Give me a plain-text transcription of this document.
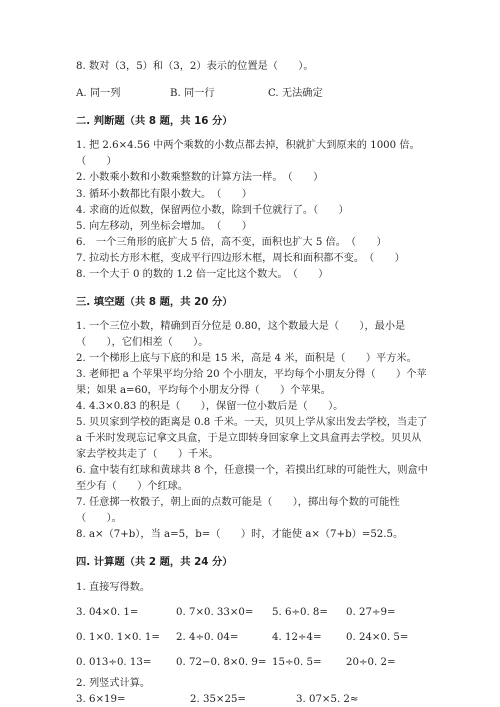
8. 数对（3，5）和（3，2）表示的位置是（　　）。
A. 同一列	B. 同一行	C. 无法确定
二. 判断题（共 8 题，共 16 分）
1. 把 2.6×4.56 中两个乘数的小数点都去掉，积就扩大到原来的 1000 倍。
（　　）
2. 小数乘小数和小数乘整数的计算方法一样。　（　　）
3. 循环小数都比有限小数大。　（　　）
4. 求商的近似数，保留两位小数，除到千位就行了。（　　）
5. 向左移动，列坐标会增加。　（　　）
6.　一个三角形的底扩大 5 倍，高不变，面积也扩大 5 倍。　（　　）
7. 拉动长方形木框，变成平行四边形木框，周长和面积都不变。　（　　）
8. 一个大于 0 的数的 1.2 倍一定比这个数大。　（　　）
三. 填空题（共 8 题，共 20 分）
1. 一个三位小数，精确到百分位是 0.80，这个数最大是（　　），最小是
（　　），它们相差（　　）。
2. 一个梯形上底与下底的和是 15 米，高是 4 米，面积是（　　）平方米。
3. 老师把 a 个苹果平均分给 20 个小朋友，平均每个小朋友分得（　　）个苹
果；如果 a=60，平均每个小朋友分得（　　）个苹果。
4. 4.3×0.83 的积是（　　），保留一位小数后是（　　）。
5. 贝贝家到学校的距离是 0.8 千米。一天，贝贝上学从家出发去学校，当走了
a 千米时发现忘记拿文具盒，于是立即转身回家拿上文具盒再去学校。贝贝从
家去学校共走了（　　）千米。
6. 盒中装有红球和黄球共 8 个，任意摸一个，若摸出红球的可能性大，则盒中
至少有（　　）个红球。
7. 任意掷一枚骰子，朝上面的点数可能是（　　），掷出每个数的可能性
（　　）。
8. a×（7+b），当 a=5，b=（　　）时，才能使 a×（7+b）=52.5。
四. 计算题（共 2 题，共 24 分）
1. 直接写得数。
3. 04×0. 1=	0. 7×0. 33×0= 5. 6÷0. 8= 0. 27÷9=
0. 1×0. 1×0. 1= 2. 4÷0. 04=	4. 12÷4= 0. 24×0. 5=
0. 013÷0. 13= 0. 72−0. 8×0. 9= 15÷0. 5= 20÷0. 2=
2. 列竖式计算。
3. 6×19=	2. 35×25=	3. 07×5. 2≈
